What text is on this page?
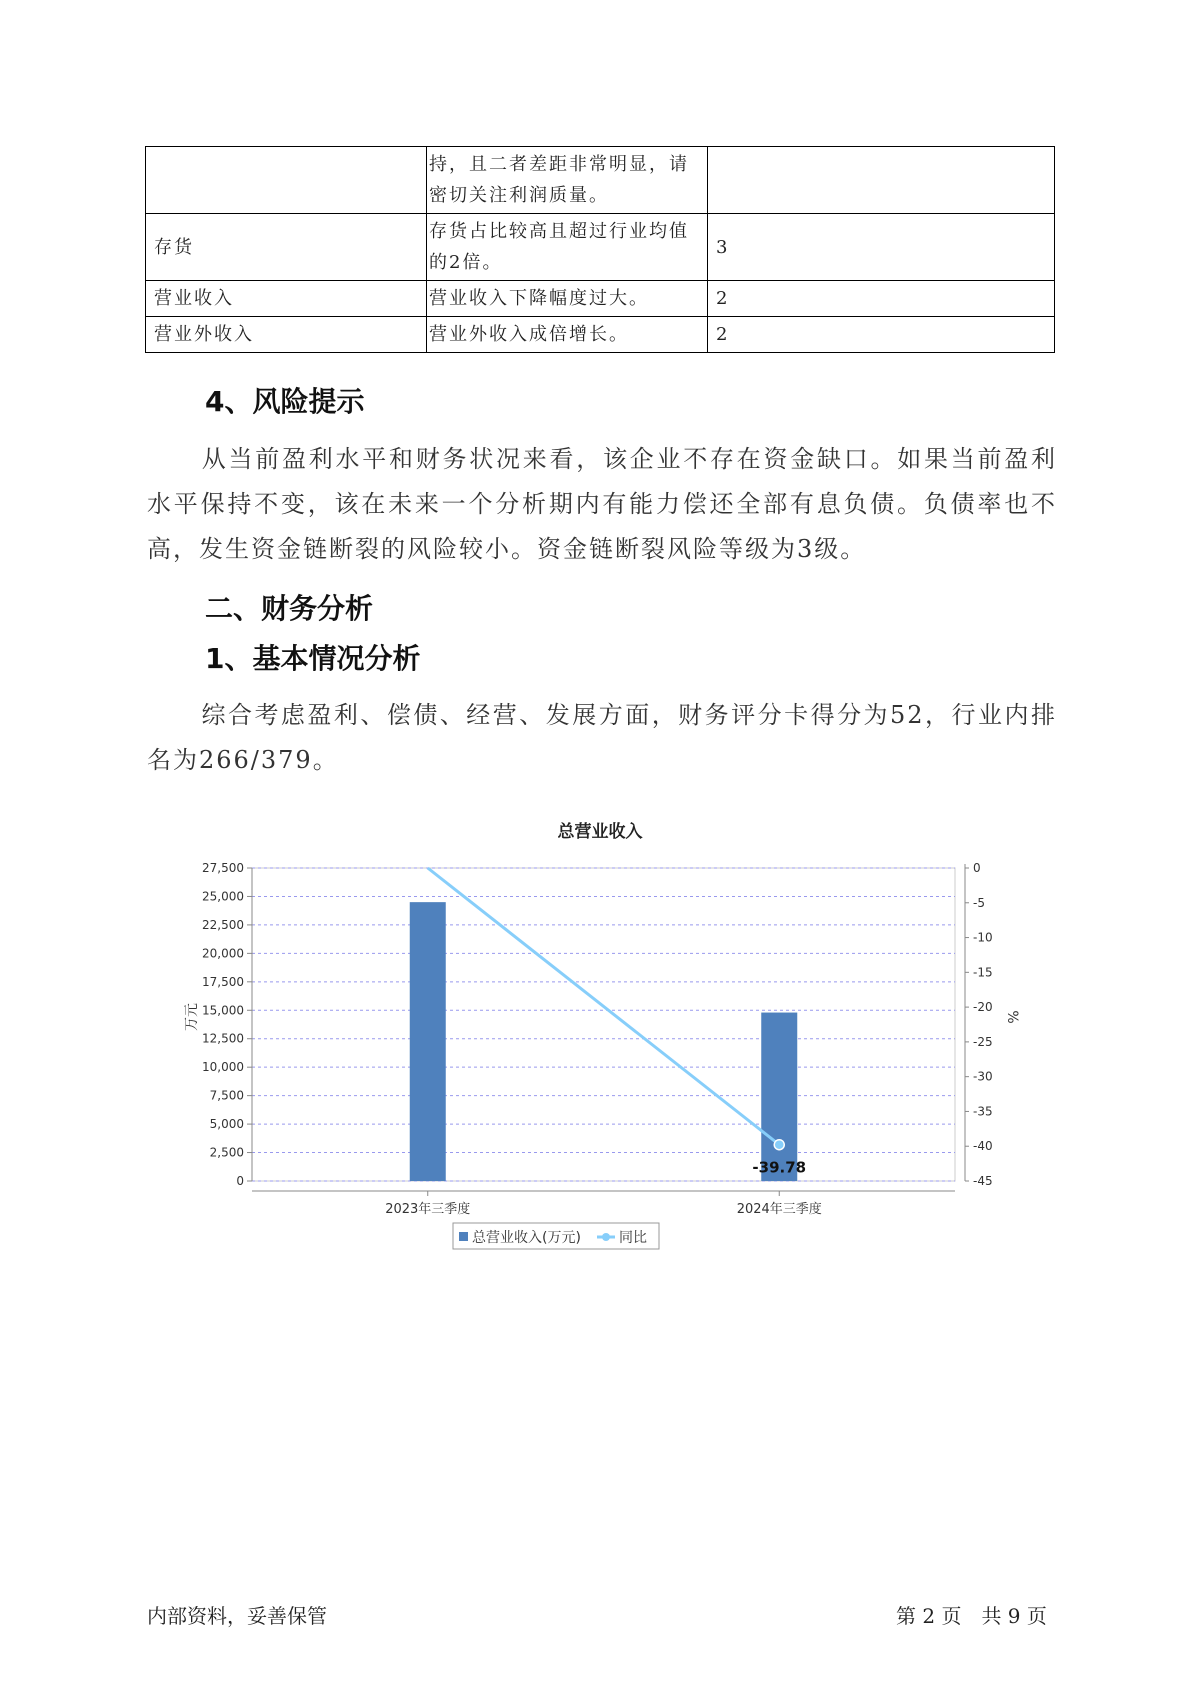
	持，且二者差距非常明显，请密切关注利润质量。	
存货	存货占比较高且超过行业均值的2倍。	3
营业收入	营业收入下降幅度过大。	2
营业外收入	营业外收入成倍增长。	2
4、风险提示

从当前盈利水平和财务状况来看，该企业不存在资金缺口。如果当前盈利水平保持不变，该在未来一个分析期内有能力偿还全部有息负债。负债率也不高，发生资金链断裂的风险较小。资金链断裂风险等级为3级。

二、财务分析
1、基本情况分析

综合考虑盈利、偿债、经营、发展方面，财务评分卡得分为52，行业内排名为266/379。

总营业收入
-39.78
27,500
25,000
22,500
20,000
17,500
15,000
12,500
10,000
7,500
5,000
2,500
0
0
-5
-10
-15
-20
-25
-30
-35
-40
-45
2023年三季度	2024年三季度
万元	%
总营业收入(万元)	同比
内部资料，妥善保管	第 2 页　共 9 页
